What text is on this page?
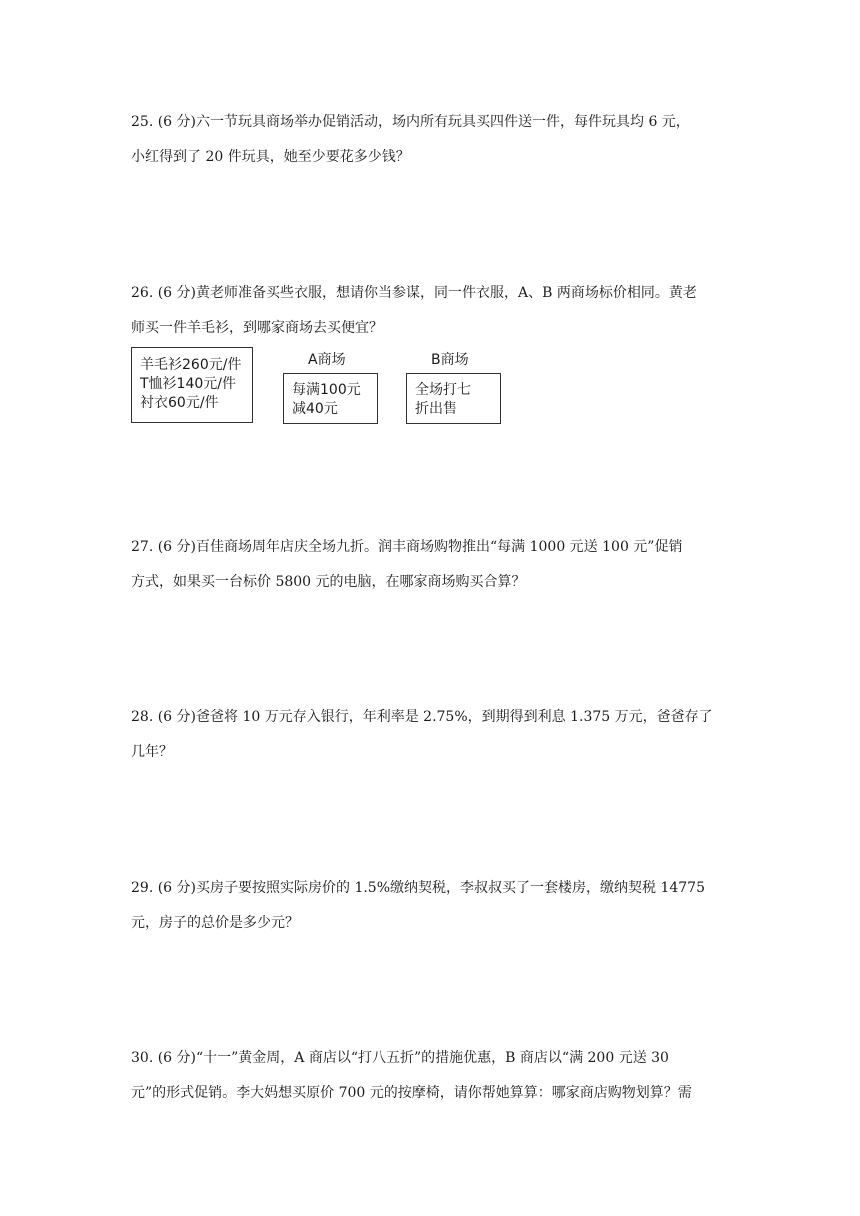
25. (6 分)六一节玩具商场举办促销活动，场内所有玩具买四件送一件，每件玩具均 6 元，
小红得到了 20 件玩具，她至少要花多少钱？

26. (6 分)黄老师准备买些衣服，想请你当参谋，同一件衣服，A、B 两商场标价相同。黄老
师买一件羊毛衫，到哪家商场去买便宜？

羊毛衫260元/件
T恤衫140元/件
衬衣60元/件
A商场
每满100元
减40元
B商场
全场打七
折出售

27. (6 分)百佳商场周年店庆全场九折。润丰商场购物推出“每满 1000 元送 100 元”促销
方式，如果买一台标价 5800 元的电脑，在哪家商场购买合算？

28. (6 分)爸爸将 10 万元存入银行，年利率是 2.75%，到期得到利息 1.375 万元，爸爸存了
几年？

29. (6 分)买房子要按照实际房价的 1.5%缴纳契税，李叔叔买了一套楼房，缴纳契税 14775
元，房子的总价是多少元？

30. (6 分)“十一”黄金周，A 商店以“打八五折”的措施优惠，B 商店以“满 200 元送 30
元”的形式促销。李大妈想买原价 700 元的按摩椅，请你帮她算算：哪家商店购物划算？需
